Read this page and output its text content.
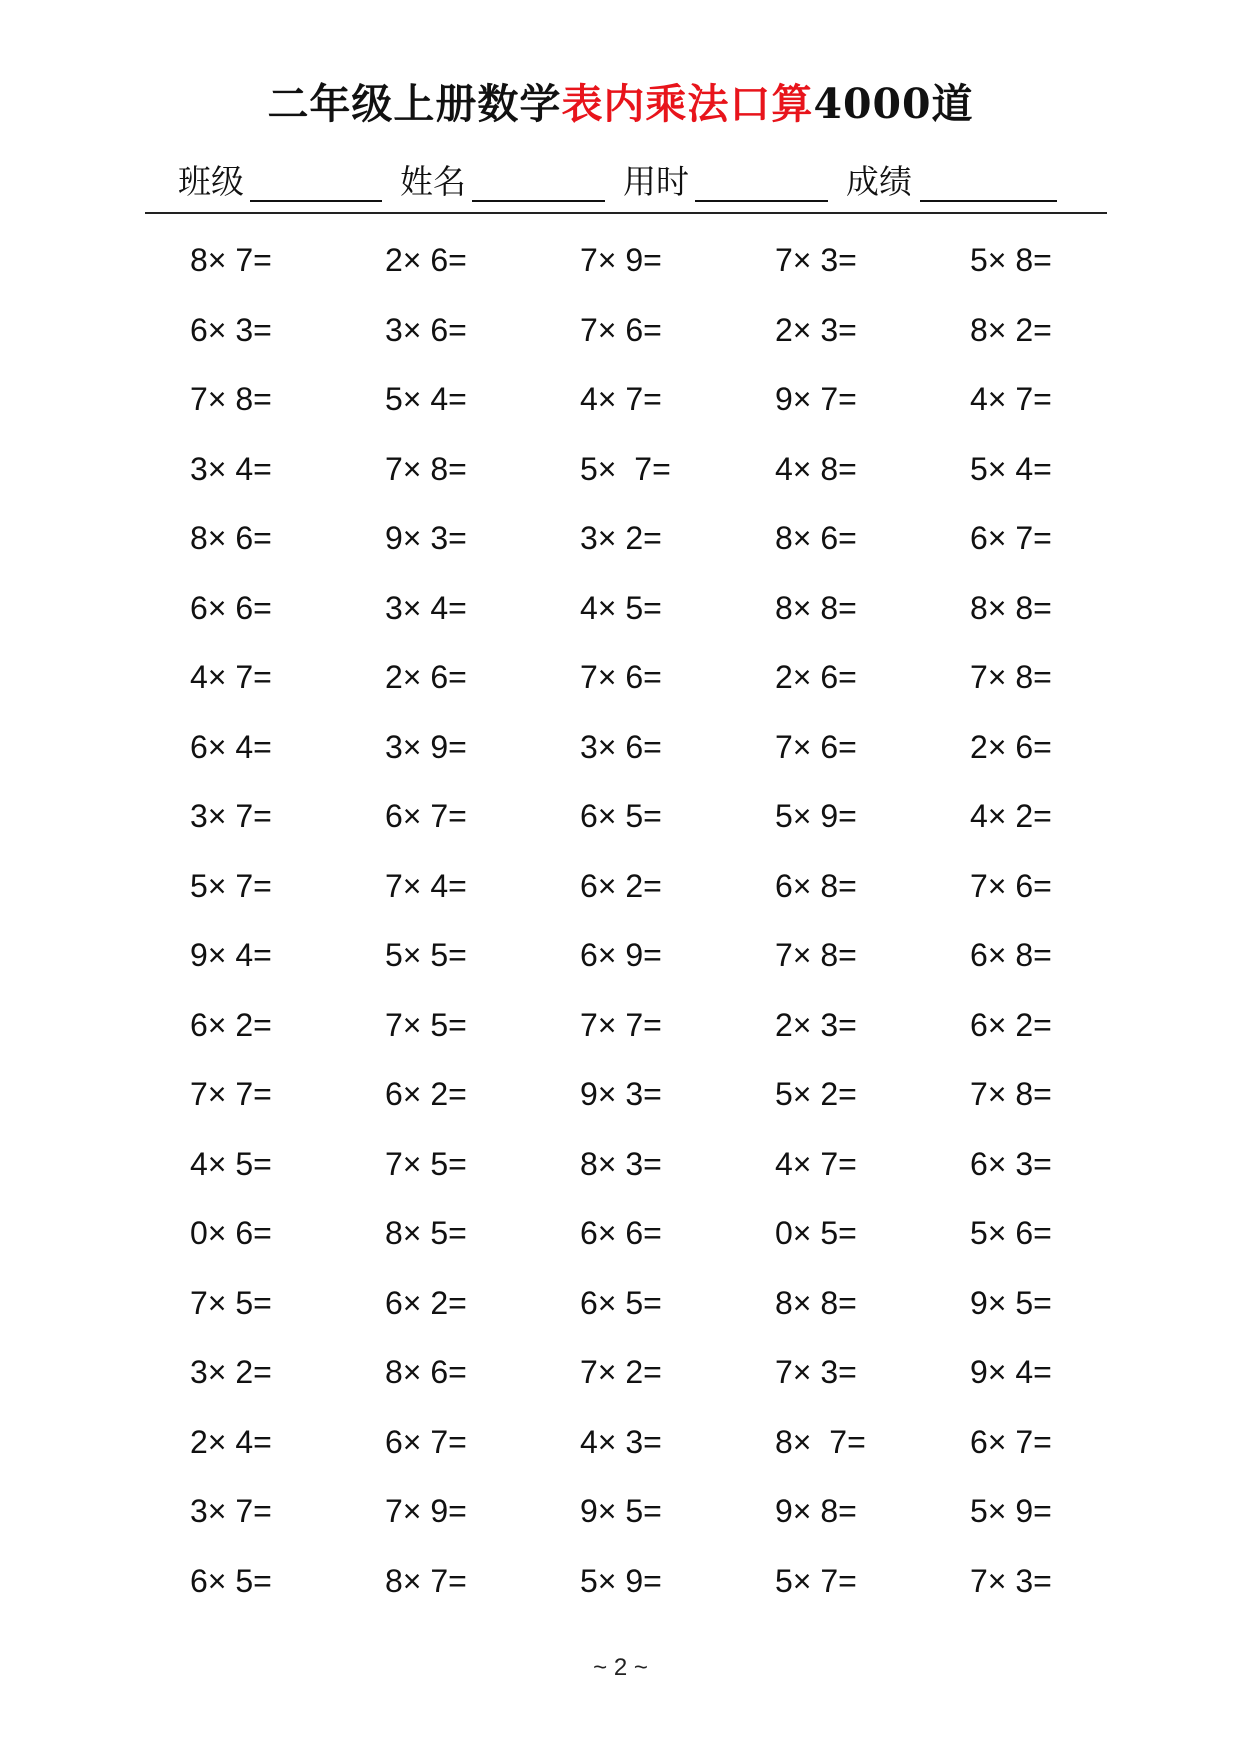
二年级上册数学表内乘法口算4000道
班级	姓名	用时	成绩
8× 7=	2× 6=	7× 9=	7× 3=	5× 8=
6× 3=	3× 6=	7× 6=	2× 3=	8× 2=
7× 8=	5× 4=	4× 7=	9× 7=	4× 7=
3× 4=	7× 8=	5×  7=	4× 8=	5× 4=
8× 6=	9× 3=	3× 2=	8× 6=	6× 7=
6× 6=	3× 4=	4× 5=	8× 8=	8× 8=
4× 7=	2× 6=	7× 6=	2× 6=	7× 8=
6× 4=	3× 9=	3× 6=	7× 6=	2× 6=
3× 7=	6× 7=	6× 5=	5× 9=	4× 2=
5× 7=	7× 4=	6× 2=	6× 8=	7× 6=
9× 4=	5× 5=	6× 9=	7× 8=	6× 8=
6× 2=	7× 5=	7× 7=	2× 3=	6× 2=
7× 7=	6× 2=	9× 3=	5× 2=	7× 8=
4× 5=	7× 5=	8× 3=	4× 7=	6× 3=
0× 6=	8× 5=	6× 6=	0× 5=	5× 6=
7× 5=	6× 2=	6× 5=	8× 8=	9× 5=
3× 2=	8× 6=	7× 2=	7× 3=	9× 4=
2× 4=	6× 7=	4× 3=	8×  7=	6× 7=
3× 7=	7× 9=	9× 5=	9× 8=	5× 9=
6× 5=	8× 7=	5× 9=	5× 7=	7× 3=
~ 2 ~
